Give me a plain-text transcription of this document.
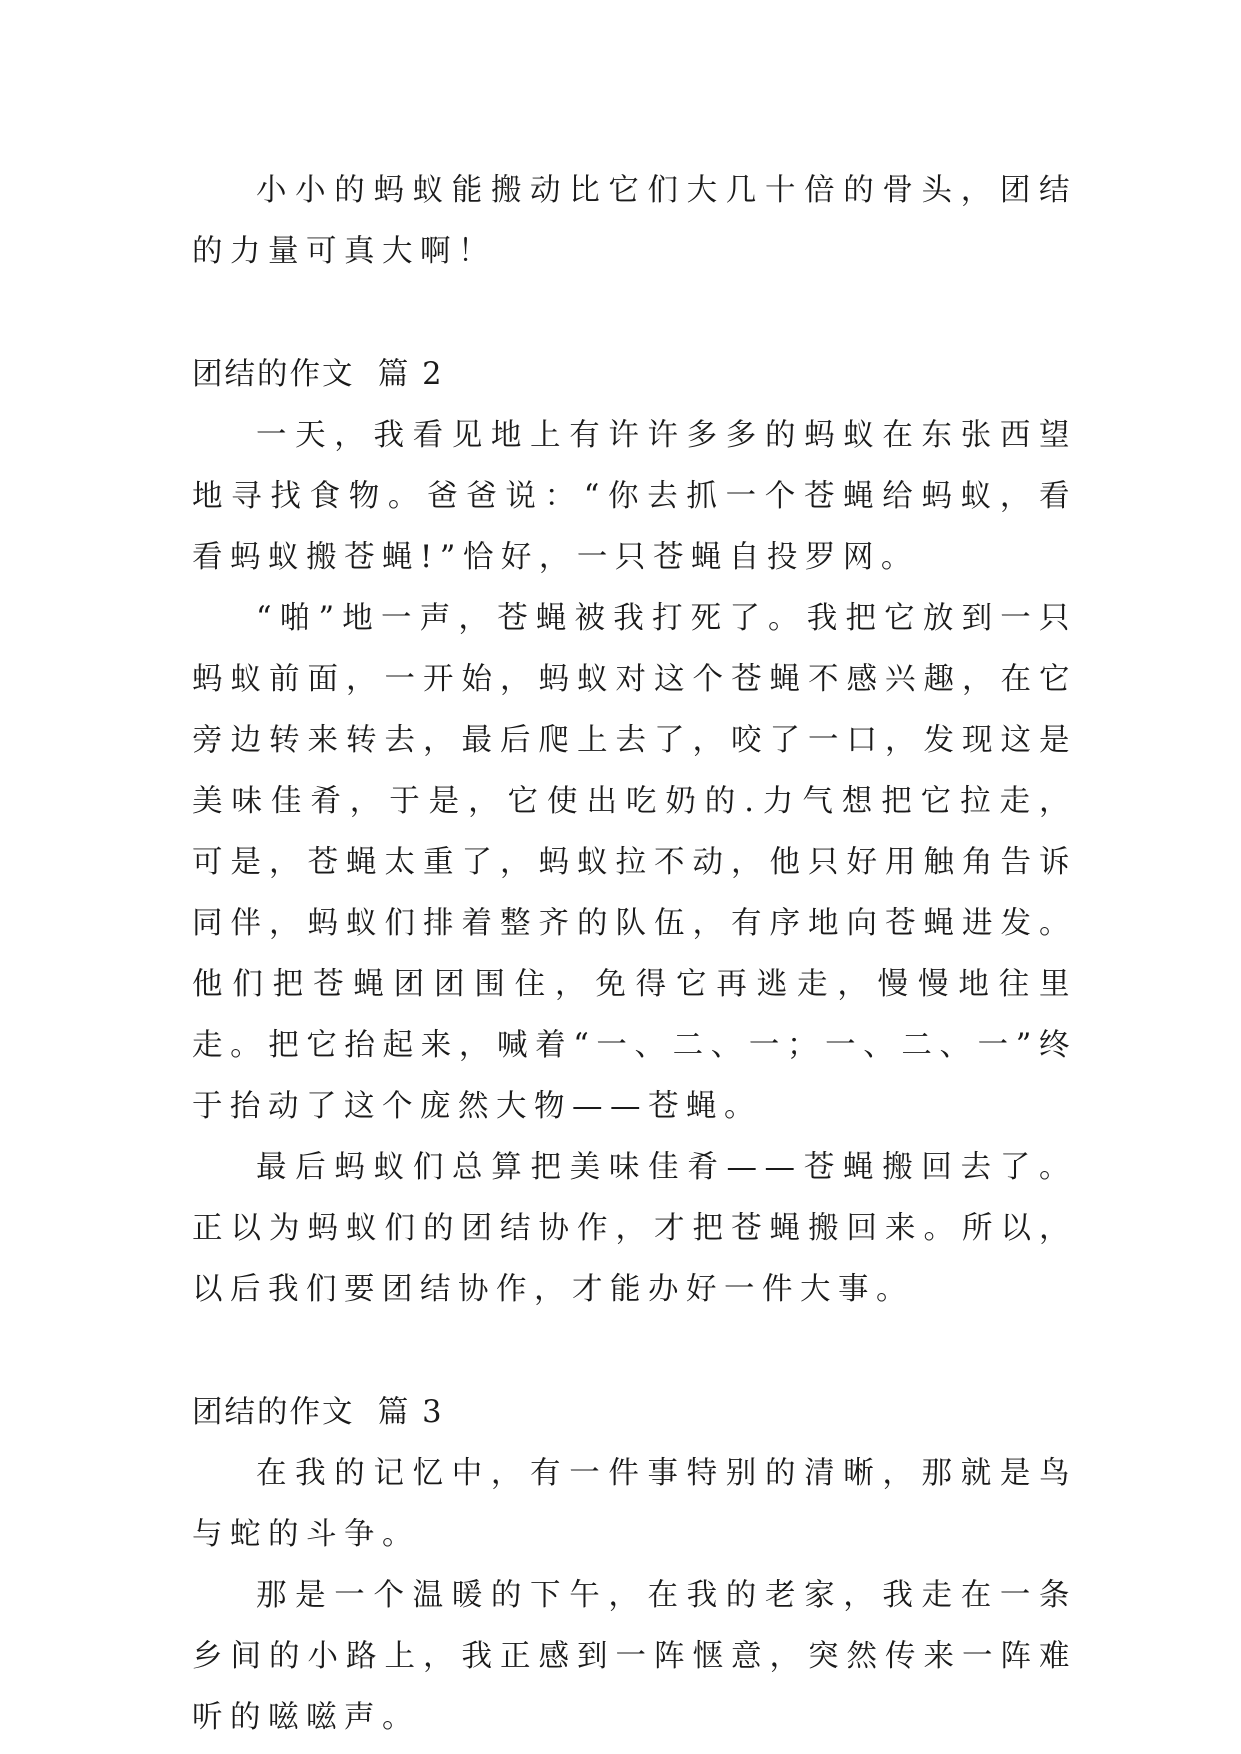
小小的蚂蚁能搬动比它们大几十倍的骨头，团结的力量可真大啊！

团结的作文  篇 2

一天，我看见地上有许许多多的蚂蚁在东张西望地寻找食物。爸爸说：“你去抓一个苍蝇给蚂蚁，看看蚂蚁搬苍蝇!”恰好，一只苍蝇自投罗网。

“啪”地一声，苍蝇被我打死了。我把它放到一只蚂蚁前面，一开始，蚂蚁对这个苍蝇不感兴趣，在它旁边转来转去，最后爬上去了，咬了一口，发现这是美味佳肴，于是，它使出吃奶的.力气想把它拉走，可是，苍蝇太重了，蚂蚁拉不动，他只好用触角告诉同伴，蚂蚁们排着整齐的队伍，有序地向苍蝇进发。他们把苍蝇团团围住，免得它再逃走，慢慢地往里走。把它抬起来，喊着“一、二、一；一、二、一”终于抬动了这个庞然大物——苍蝇。

最后蚂蚁们总算把美味佳肴——苍蝇搬回去了。正以为蚂蚁们的团结协作，才把苍蝇搬回来。所以，以后我们要团结协作，才能办好一件大事。

团结的作文  篇 3

在我的记忆中，有一件事特别的清晰，那就是鸟与蛇的斗争。

那是一个温暖的下午，在我的老家，我走在一条乡间的小路上，我正感到一阵惬意，突然传来一阵难听的嗞嗞声。
